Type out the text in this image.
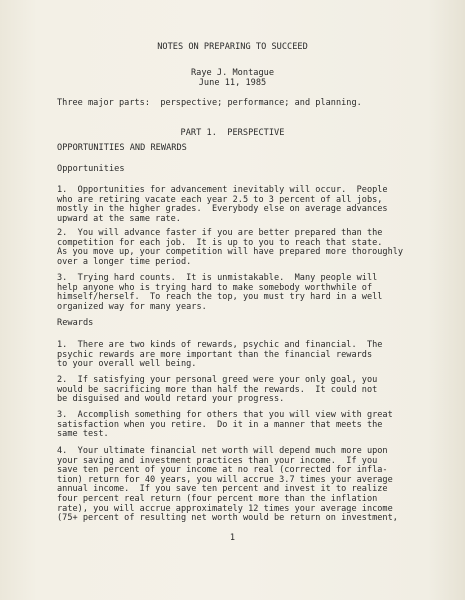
NOTES ON PREPARING TO SUCCEED
Raye J. Montague
June 11, 1985
Three major parts:  perspective; performance; and planning.
PART 1.  PERSPECTIVE
OPPORTUNITIES AND REWARDS
Opportunities
1.  Opportunities for advancement inevitably will occur.  People
who are retiring vacate each year 2.5 to 3 percent of all jobs,
mostly in the higher grades.  Everybody else on average advances
upward at the same rate.
2.  You will advance faster if you are better prepared than the
competition for each job.  It is up to you to reach that state.
As you move up, your competition will have prepared more thoroughly
over a longer time period.
3.  Trying hard counts.  It is unmistakable.  Many people will
help anyone who is trying hard to make somebody worthwhile of
himself/herself.  To reach the top, you must try hard in a well
organized way for many years.
Rewards
1.  There are two kinds of rewards, psychic and financial.  The
psychic rewards are more important than the financial rewards
to your overall well being.
2.  If satisfying your personal greed were your only goal, you
would be sacrificing more than half the rewards.  It could not
be disguised and would retard your progress.
3.  Accomplish something for others that you will view with great
satisfaction when you retire.  Do it in a manner that meets the
same test.
4.  Your ultimate financial net worth will depend much more upon
your saving and investment practices than your income.  If you
save ten percent of your income at no real (corrected for infla-
tion) return for 40 years, you will accrue 3.7 times your average
annual income.  If you save ten percent and invest it to realize
four percent real return (four percent more than the inflation
rate), you will accrue approximately 12 times your average income
(75+ percent of resulting net worth would be return on investment,
1
